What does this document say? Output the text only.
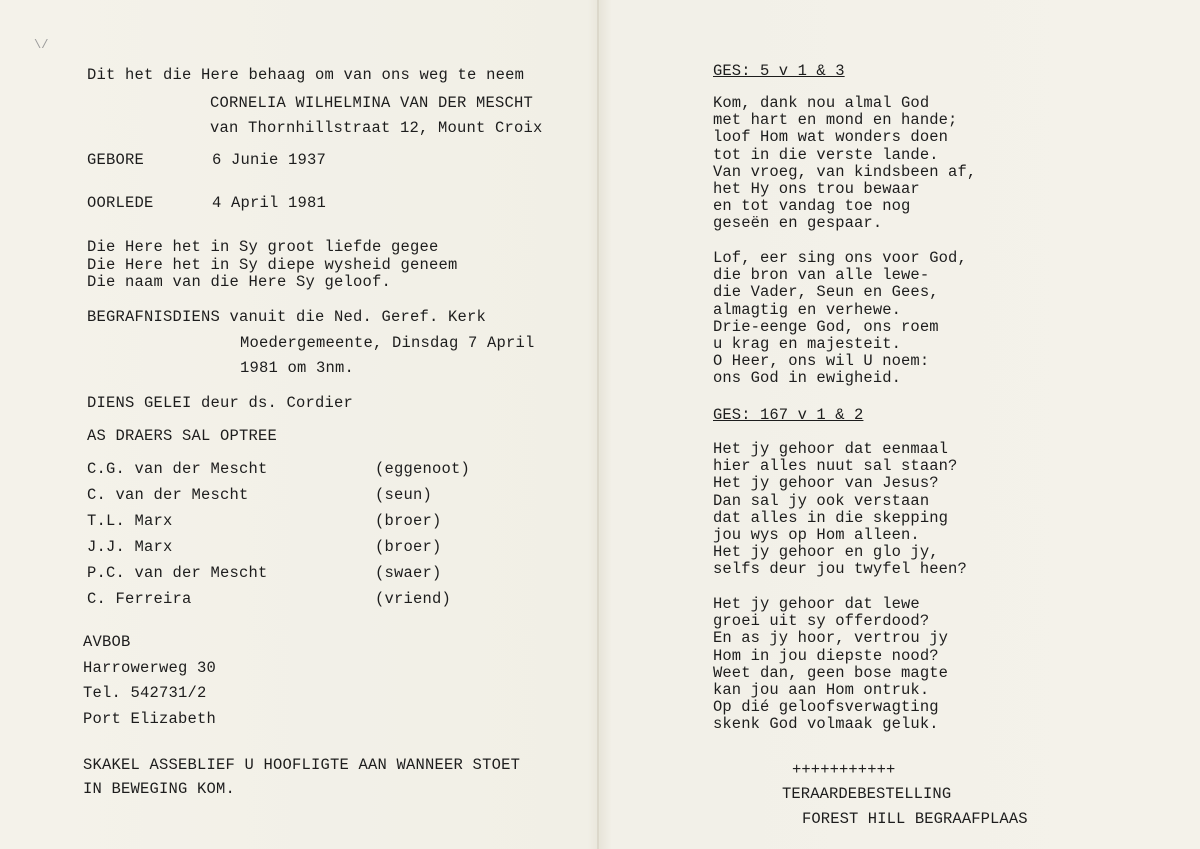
\/
Dit het die Here behaag om van ons weg te neem
CORNELIA WILHELMINA VAN DER MESCHT
van Thornhillstraat 12, Mount Croix
GEBORE	6 Junie 1937
OORLEDE	4 April 1981
Die Here het in Sy groot liefde gegee
Die Here het in Sy diepe wysheid geneem
Die naam van die Here Sy geloof.
BEGRAFNISDIENS vanuit die Ned. Geref. Kerk
Moedergemeente, Dinsdag 7 April
1981 om 3nm.
DIENS GELEI deur ds. Cordier
AS DRAERS SAL OPTREE
C.G. van der Mescht	(eggenoot)
C. van der Mescht	(seun)
T.L. Marx	(broer)
J.J. Marx	(broer)
P.C. van der Mescht	(swaer)
C. Ferreira	(vriend)
AVBOB
Harrowerweg 30
Tel. 542731/2
Port Elizabeth
SKAKEL ASSEBLIEF U HOOFLIGTE AAN WANNEER STOET
IN BEWEGING KOM.
GES: 5 v 1 & 3
Kom, dank nou almal God
met hart en mond en hande;
loof Hom wat wonders doen
tot in die verste lande.
Van vroeg, van kindsbeen af,
het Hy ons trou bewaar
en tot vandag toe nog
geseën en gespaar.
Lof, eer sing ons voor God,
die bron van alle lewe-
die Vader, Seun en Gees,
almagtig en verhewe.
Drie-eenge God, ons roem
u krag en majesteit.
O Heer, ons wil U noem:
ons God in ewigheid.
GES: 167 v 1 & 2
Het jy gehoor dat eenmaal
hier alles nuut sal staan?
Het jy gehoor van Jesus?
Dan sal jy ook verstaan
dat alles in die skepping
jou wys op Hom alleen.
Het jy gehoor en glo jy,
selfs deur jou twyfel heen?
Het jy gehoor dat lewe
groei uit sy offerdood?
En as jy hoor, vertrou jy
Hom in jou diepste nood?
Weet dan, geen bose magte
kan jou aan Hom ontruk.
Op dié geloofsverwagting
skenk God volmaak geluk.
+++++++++++
TERAARDEBESTELLING
FOREST HILL BEGRAAFPLAAS
